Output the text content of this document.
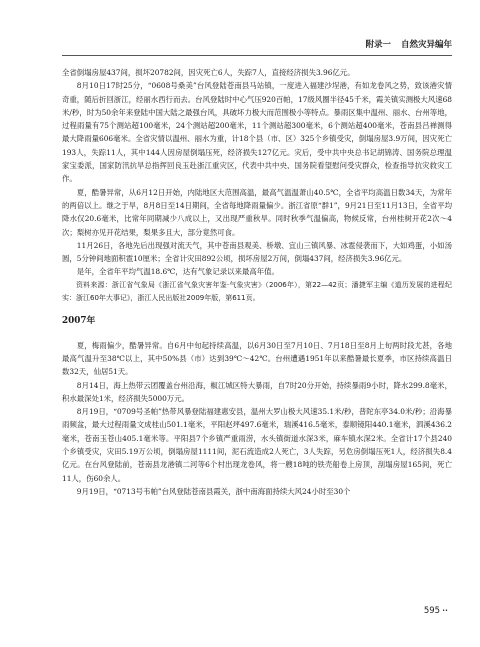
附录一 自然灾异编年

全省倒塌房屋437间，损坏20782间，因灾死亡6人，失踪7人，直接经济损失3.96亿元。

8月10日17时25分，“0608号桑美”台风登陆苍南县马站镇，一度进入福建沙埕港，有如龙卷风之势，致该港灾情奇重，随后折回浙江，经丽水西行而去。台风登陆时中心气压920百帕，17级风圈半径45千米，霞关镇实测极大风速68米/秒，时为50余年来登陆中国大陆之最强台风，具破坏力极大而范围极小等特点。暴雨区集中温州、丽水、台州等地，过程雨量有75个测站超100毫米，24个测站超200毫米，11个测站超300毫米，6个测站超400毫米，苍南县吕禅测得最大降雨量606毫米。全省灾情以温州、丽水为重，计18个县（市、区）325个乡镇受灾，倒塌房屋3.9万间，因灾死亡193人，失踪11人，其中144人因房屋倒塌压死，经济损失127亿元。灾后，受中共中央总书记胡锦涛、国务院总理温家宝委派，国家防汛抗旱总指挥回良玉赴浙江重灾区，代表中共中央、国务院看望慰问受灾群众，检查指导抗灾救灾工作。

夏，酷暑异常，从6月12日开始，内陆地区大范围高温，最高气温温萧山40.5℃，全省平均高温日数34天，为常年的两倍以上。继之于旱，8月8日至14日期间，全省每地降雨量偏少。浙江省原“群1”，9月21日至11月13日，全省平均降水仅20.6毫米，比常年同期减少八成以上，又出现严重秋旱。同时秋季气温偏高，物候反常，台州桂树开花2次～4次；梨树亦见开花结果，梨果多且大，部分竟然可食。

11月26日，各地先后出现强对流天气，其中苍南县观美、桥墩、宜山三镇风暴、冰雹侵袭而下，大如鸡蛋，小如汤圆，5分钟间地面积雹10厘米；全省计灾田892公顷，损坏房屋2万间，倒塌437间，经济损失3.96亿元。

是年，全省年平均气温18.6℃，达有气象记录以来最高年值。

资料来源：浙江省气象局《浙江省气象灾害年鉴·气象灾害》（2006年），第22—42页；潘捷军主编《道历发展的进程纪实：浙江60年大事记》，浙江人民出版社2009年版，第611页。

2007年

夏，梅雨偏少，酷暑异常。自6月中旬起持续高温，以6月30日至7月10日、7月18日至8月上旬两时段尤甚，各地最高气温升至38℃以上，其中50%县（市）达到39℃～42℃。台州遭遇1951年以来酷暑最长夏季，市区持续高温日数32天，仙居51天。

8月14日，海上热带云团覆盖台州沿海，椒江城区特大暴雨，自7时20分开始，持续暴雨9小时，降水299.8毫米，积水最深处1米，经济损失5000万元。

8月19日，“0709号圣帕”热带风暴登陆福建惠安县，温州大罗山极大风速35.1米/秒，普陀东亭34.0米/秒；沿海暴雨频盆，最大过程雨量文成桂山501.1毫米，平阳赵坪497.6毫米，瑞溪416.5毫米，泰顺镜阳440.1毫米，泗溪436.2毫米，苍南玉苍山405.1毫米等。平阳县7个乡镇严重雨涝，水头镇街道水深3米，麻车镇水深2米。全省计17个县240个乡镇受灾，灾田5.19万公顷，倒塌房屋1111间，泥石流造成2人死亡，3人失踪，另危房倒塌压死1人，经济损失8.4亿元。在台风登陆前，苍南县龙港镇二河等6个村出现龙卷风，将一艘18吨的铁壳船卷上房顶，刮塌房屋165间，死亡11人，伤60余人。

9月19日，“0713号韦帕”台风登陆苍南县霞关，浙中南海面持续大风24小时至30个

595 ••
